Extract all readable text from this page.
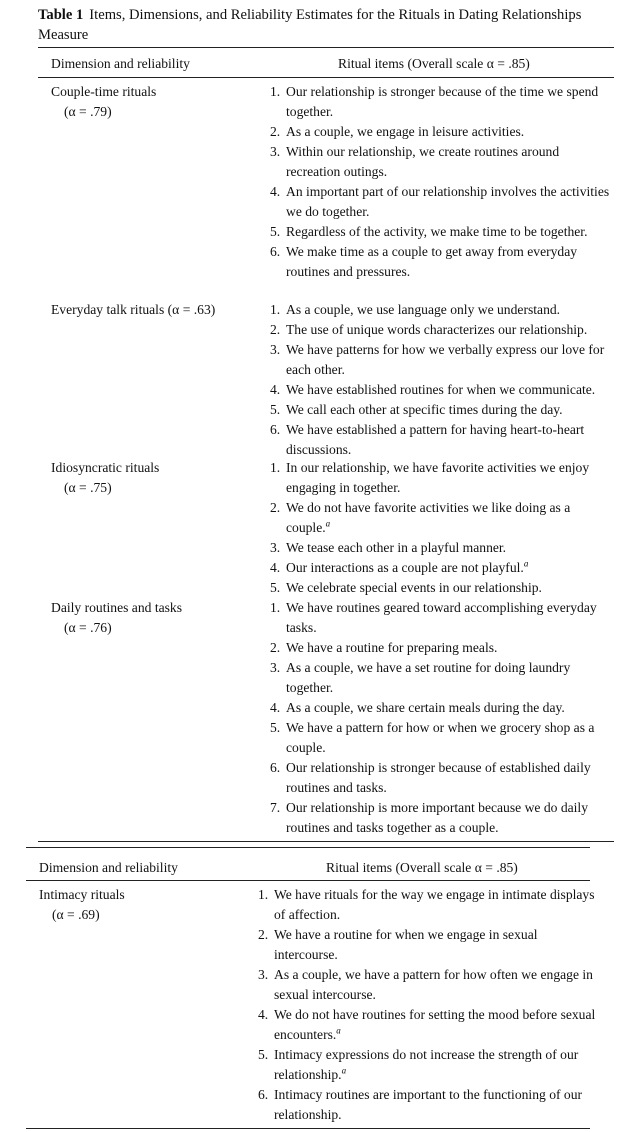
Table 1 Items, Dimensions, and Reliability Estimates for the Rituals in Dating Relationships Measure
Dimension and reliability	Ritual items (Overall scale α = .85)
Couple-time rituals
(α = .79)
1. Our relationship is stronger because of the time we spend together.
2. As a couple, we engage in leisure activities.
3. Within our relationship, we create routines around recreation outings.
4. An important part of our relationship involves the activities we do together.
5. Regardless of the activity, we make time to be together.
6. We make time as a couple to get away from everyday routines and pressures.
Everyday talk rituals (α = .63)	1. As a couple, we use language only we understand.
2. The use of unique words characterizes our relationship.
3. We have patterns for how we verbally express our love for each other.
4. We have established routines for when we communicate.
5. We call each other at specific times during the day.
6. We have established a pattern for having heart-to-heart discussions.
Idiosyncratic rituals
(α = .75)
1. In our relationship, we have favorite activities we enjoy engaging in together.
2. We do not have favorite activities we like doing as a couple.$^a$
3. We tease each other in a playful manner.
4. Our interactions as a couple are not playful.$^a$
5. We celebrate special events in our relationship.
Daily routines and tasks
(α = .76)
1. We have routines geared toward accomplishing everyday tasks.
2. We have a routine for preparing meals.
3. As a couple, we have a set routine for doing laundry together.
4. As a couple, we share certain meals during the day.
5. We have a pattern for how or when we grocery shop as a couple.
6. Our relationship is stronger because of established daily routines and tasks.
7. Our relationship is more important because we do daily routines and tasks together as a couple.
Dimension and reliability	Ritual items (Overall scale α = .85)
Intimacy rituals
(α = .69)
1. We have rituals for the way we engage in intimate displays of affection.
2. We have a routine for when we engage in sexual intercourse.
3. As a couple, we have a pattern for how often we engage in sexual intercourse.
4. We do not have routines for setting the mood before sexual encounters.$^a$
5. Intimacy expressions do not increase the strength of our relationship.$^a$
6. Intimacy routines are important to the functioning of our relationship.
